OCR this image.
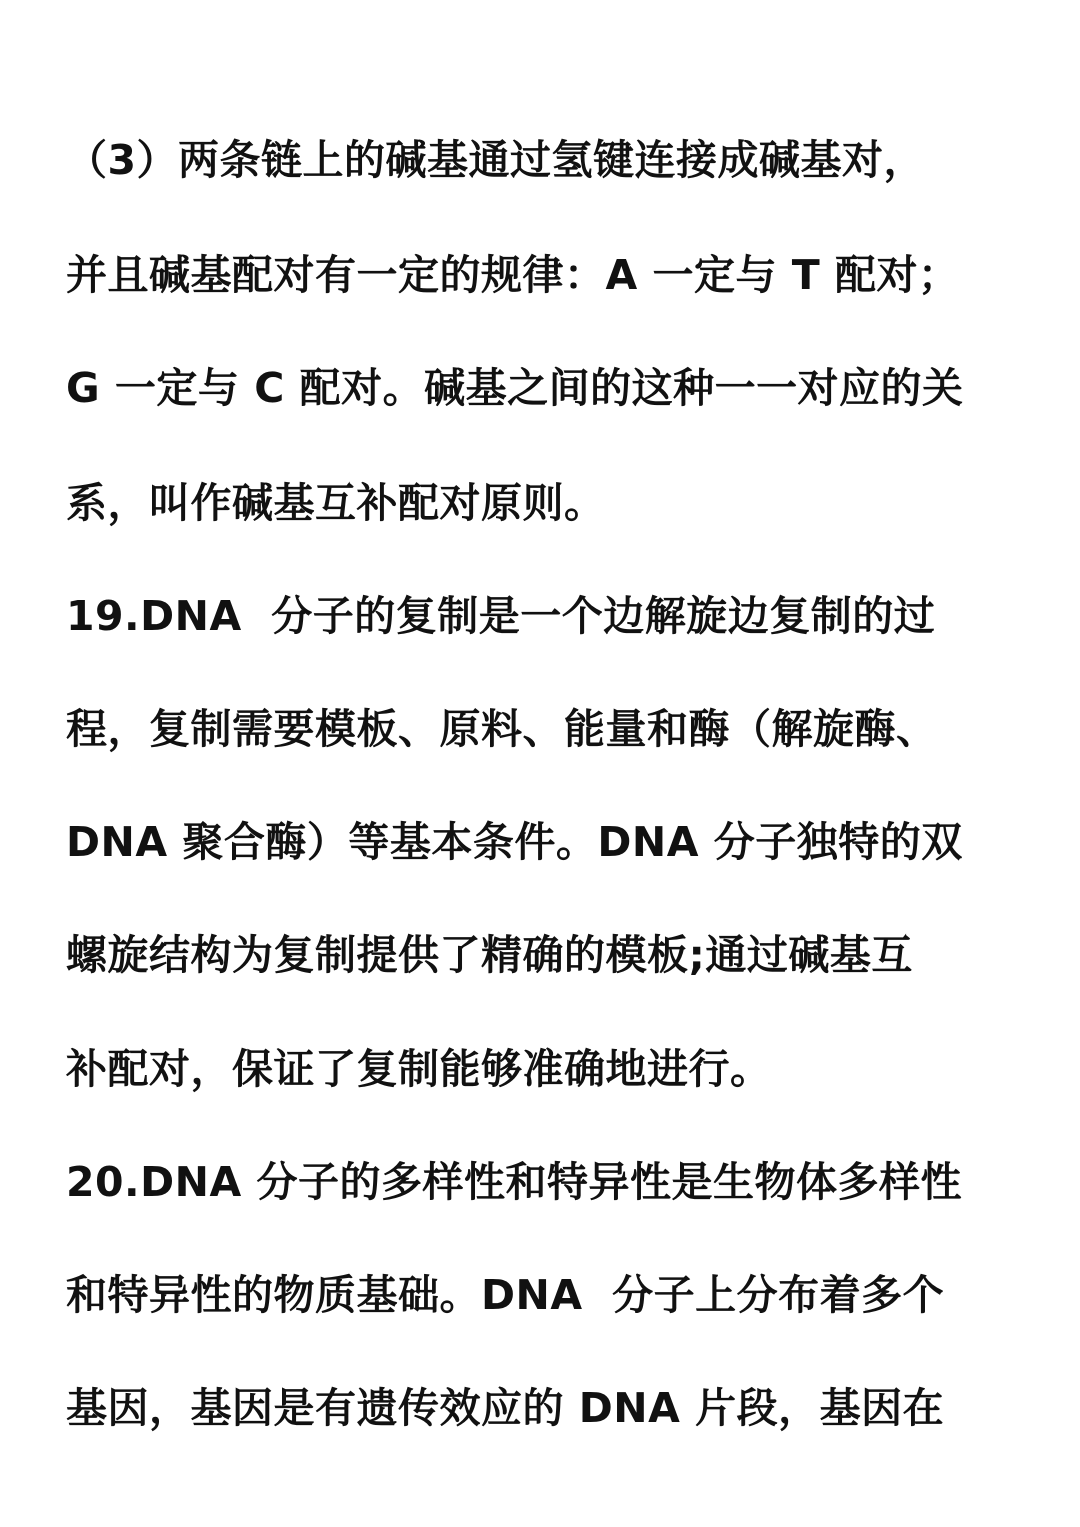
（3）两条链上的碱基通过氢键连接成碱基对，
并且碱基配对有一定的规律：A 一定与 T 配对；
G 一定与 C 配对。碱基之间的这种一一对应的关
系，叫作碱基互补配对原则。
19.DNA  分子的复制是一个边解旋边复制的过
程，复制需要模板、原料、能量和酶（解旋酶、
DNA 聚合酶）等基本条件。DNA 分子独特的双
螺旋结构为复制提供了精确的模板;通过碱基互
补配对，保证了复制能够准确地进行。
20.DNA 分子的多样性和特异性是生物体多样性
和特异性的物质基础。DNA  分子上分布着多个
基因，基因是有遗传效应的 DNA 片段，基因在
